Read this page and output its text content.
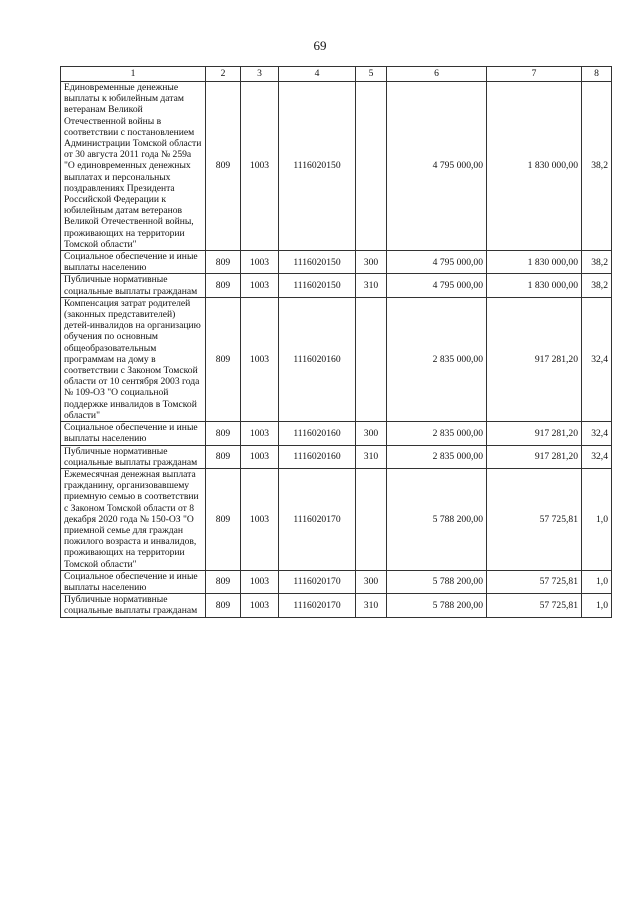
69
1	2	3	4	5	6	7	8
Единовременные денежные выплаты к юбилейным датам ветеранам Великой Отечественной войны в соответствии с постановлением Администрации Томской области от 30 августа 2011 года № 259а "О единовременных денежных выплатах и персональных поздравлениях Президента Российской Федерации к юбилейным датам ветеранов Великой Отечественной войны, проживающих на территории Томской области"	809	1003	1116020150		4 795 000,00	1 830 000,00	38,2
Социальное обеспечение и иные выплаты населению	809	1003	1116020150	300	4 795 000,00	1 830 000,00	38,2
Публичные нормативные социальные выплаты гражданам	809	1003	1116020150	310	4 795 000,00	1 830 000,00	38,2
Компенсация затрат родителей (законных представителей) детей-инвалидов на организацию обучения по основным общеобразовательным программам на дому в соответствии с Законом Томской области от 10 сентября 2003 года № 109-ОЗ "О социальной поддержке инвалидов в Томской области"	809	1003	1116020160		2 835 000,00	917 281,20	32,4
Социальное обеспечение и иные выплаты населению	809	1003	1116020160	300	2 835 000,00	917 281,20	32,4
Публичные нормативные социальные выплаты гражданам	809	1003	1116020160	310	2 835 000,00	917 281,20	32,4
Ежемесячная денежная выплата гражданину, организовавшему приемную семью в соответствии с Законом Томской области от 8 декабря 2020 года № 150-ОЗ "О приемной семье для граждан пожилого возраста и инвалидов, проживающих на территории Томской области"	809	1003	1116020170		5 788 200,00	57 725,81	1,0
Социальное обеспечение и иные выплаты населению	809	1003	1116020170	300	5 788 200,00	57 725,81	1,0
Публичные нормативные социальные выплаты гражданам	809	1003	1116020170	310	5 788 200,00	57 725,81	1,0
